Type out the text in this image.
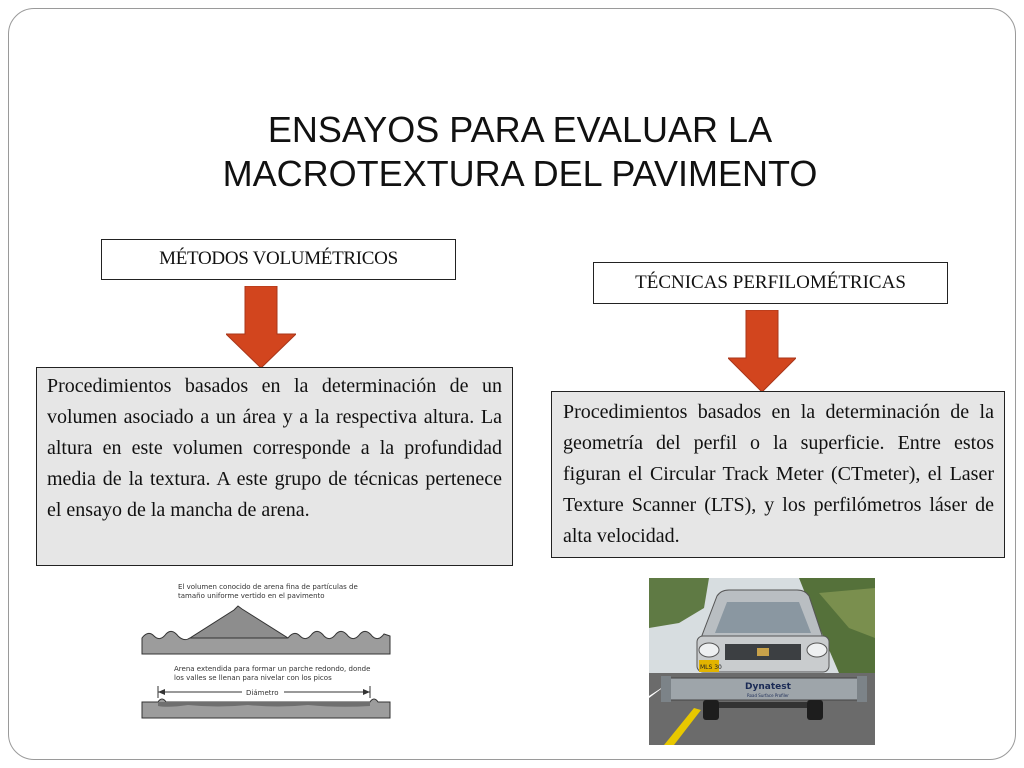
ENSAYOS PARA EVALUAR LA
MACROTEXTURA DEL PAVIMENTO
MÉTODOS VOLUMÉTRICOS
TÉCNICAS PERFILOMÉTRICAS
Procedimientos basados en la determinación de un volumen asociado a un área y a la respectiva altura. La altura en este volumen corresponde a la profundidad media de la textura. A este grupo de técnicas pertenece el ensayo de la mancha de arena.
Procedimientos basados en la determinación de la geometría del perfil o la superficie. Entre estos figuran el Circular Track Meter (CTmeter), el Laser Texture Scanner (LTS), y los perfilómetros láser de alta velocidad.
El volumen conocido de arena fina de partículas de
tamaño uniforme vertido en el pavimento
Arena extendida para formar un parche redondo, donde
los valles se llenan para nivelar con los picos
Diámetro
MLS 30
Dynatest
Road Surface Profiler
